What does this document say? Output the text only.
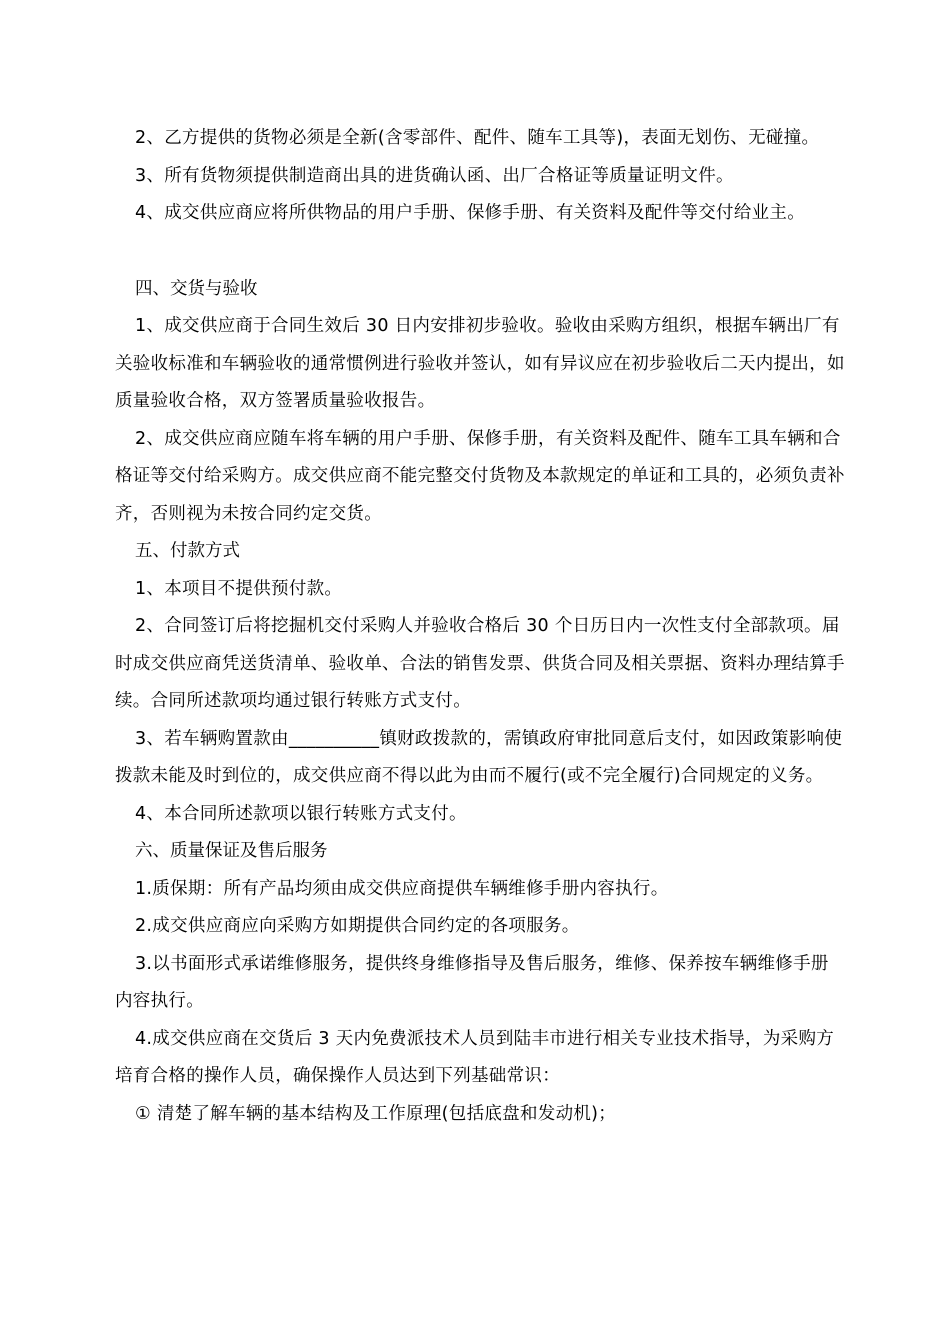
2、乙方提供的货物必须是全新(含零部件、配件、随车工具等)，表面无划伤、无碰撞。

3、所有货物须提供制造商出具的进货确认函、出厂合格证等质量证明文件。

4、成交供应商应将所供物品的用户手册、保修手册、有关资料及配件等交付给业主。

四、交货与验收

1、成交供应商于合同生效后 30 日内安排初步验收。验收由采购方组织，根据车辆出厂有关验收标准和车辆验收的通常惯例进行验收并签认，如有异议应在初步验收后二天内提出，如质量验收合格，双方签署质量验收报告。

2、成交供应商应随车将车辆的用户手册、保修手册，有关资料及配件、随车工具车辆和合格证等交付给采购方。成交供应商不能完整交付货物及本款规定的单证和工具的，必须负责补齐，否则视为未按合同约定交货。

五、付款方式

1、本项目不提供预付款。

2、合同签订后将挖掘机交付采购人并验收合格后 30 个日历日内一次性支付全部款项。届时成交供应商凭送货清单、验收单、合法的销售发票、供货合同及相关票据、资料办理结算手续。合同所述款项均通过银行转账方式支付。

3、若车辆购置款由__________镇财政拨款的，需镇政府审批同意后支付，如因政策影响使拨款未能及时到位的，成交供应商不得以此为由而不履行(或不完全履行)合同规定的义务。

4、本合同所述款项以银行转账方式支付。

六、质量保证及售后服务

1.质保期：所有产品均须由成交供应商提供车辆维修手册内容执行。

2.成交供应商应向采购方如期提供合同约定的各项服务。

3.以书面形式承诺维修服务，提供终身维修指导及售后服务，维修、保养按车辆维修手册内容执行。

4.成交供应商在交货后 3 天内免费派技术人员到陆丰市进行相关专业技术指导，为采购方培育合格的操作人员，确保操作人员达到下列基础常识：

① 清楚了解车辆的基本结构及工作原理(包括底盘和发动机)；
